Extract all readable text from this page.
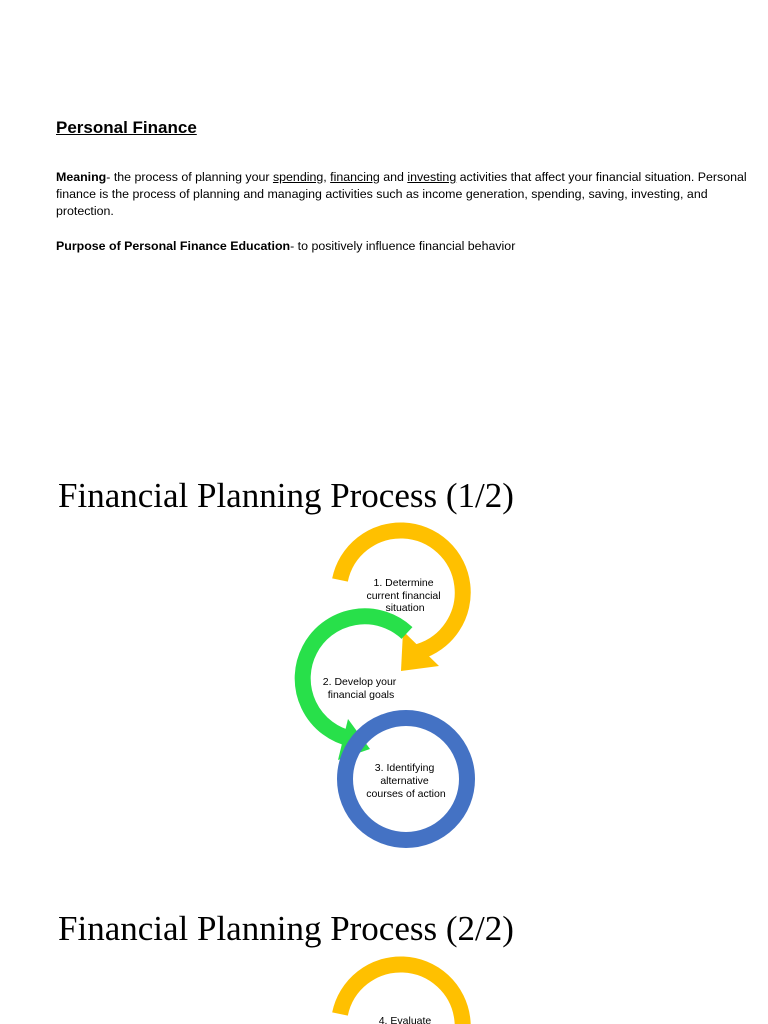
Personal Finance

Meaning- the process of planning your spending, financing and investing activities that affect your financial situation. Personal finance is the process of planning and managing activities such as income generation, spending, saving, investing, and protection.

Purpose of Personal Finance Education- to positively influence financial behavior

Financial Planning Process (1/2)
Financial Planning Process (2/2)
1. Determine current financial situation
2. Develop your financial goals
3. Identifying alternative courses of action
4. Evaluate
